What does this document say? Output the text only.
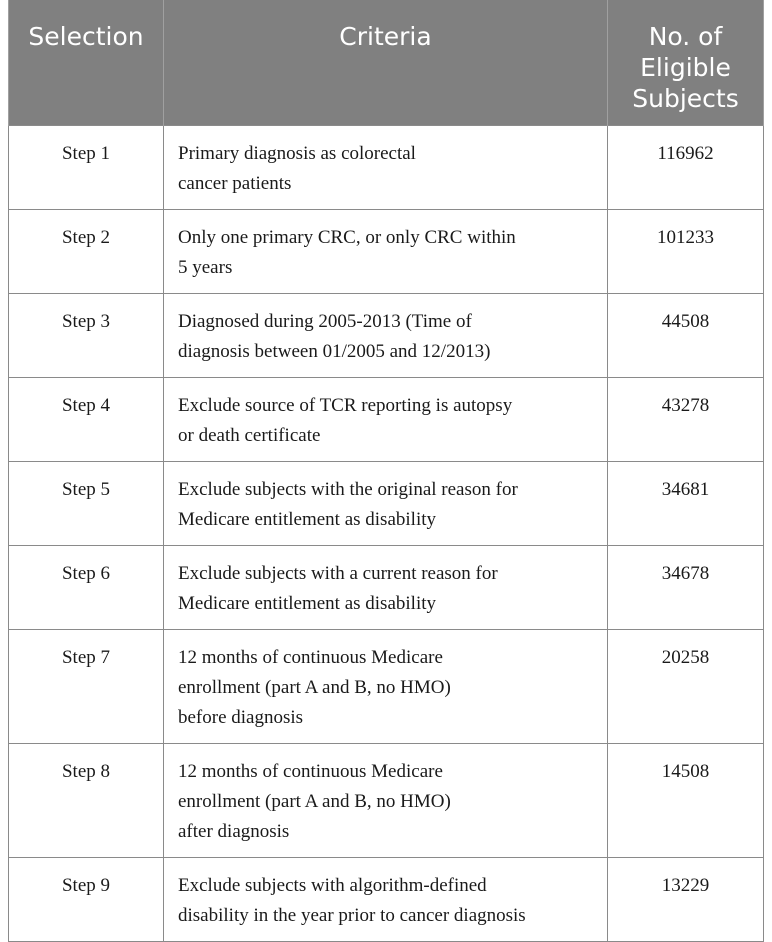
Selection	Criteria	No. of
Eligible
Subjects

Step 1	Primary diagnosis as colorectal
cancer patients	116962
Step 2	Only one primary CRC, or only CRC within
5 years	101233
Step 3	Diagnosed during 2005-2013 (Time of
diagnosis between 01/2005 and 12/2013)	44508
Step 4	Exclude source of TCR reporting is autopsy
or death certificate	43278
Step 5	Exclude subjects with the original reason for
Medicare entitlement as disability	34681
Step 6	Exclude subjects with a current reason for
Medicare entitlement as disability	34678
Step 7	12 months of continuous Medicare
enrollment (part A and B, no HMO)
before diagnosis	20258
Step 8	12 months of continuous Medicare
enrollment (part A and B, no HMO)
after diagnosis	14508
Step 9	Exclude subjects with algorithm-defined
disability in the year prior to cancer diagnosis	13229
